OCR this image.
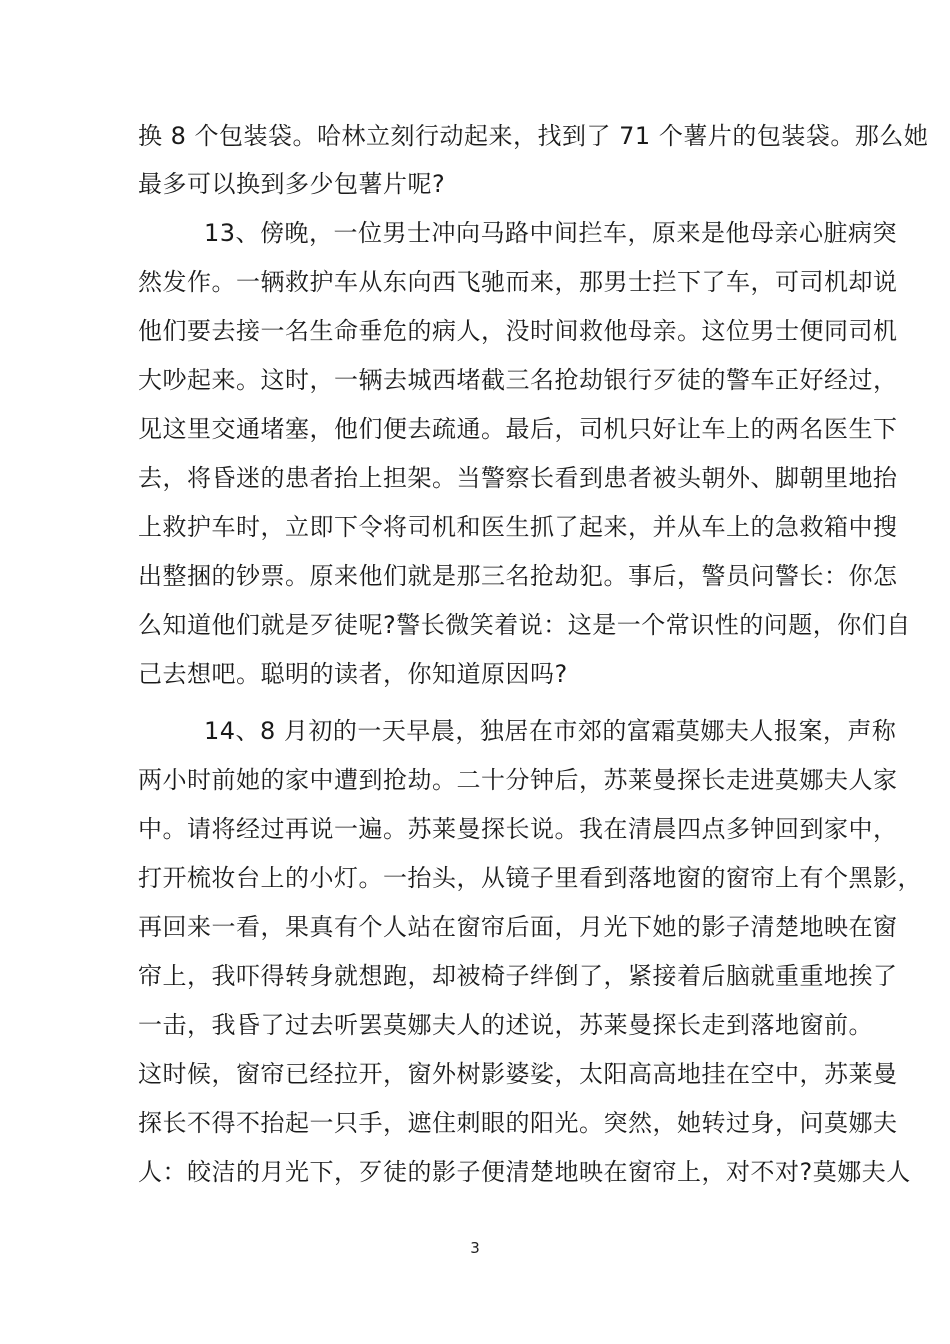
换 8 个包装袋。哈林立刻行动起来，找到了 71 个薯片的包装袋。那么她
最多可以换到多少包薯片呢?
13、傍晚，一位男士冲向马路中间拦车，原来是他母亲心脏病突
然发作。一辆救护车从东向西飞驰而来，那男士拦下了车，可司机却说
他们要去接一名生命垂危的病人，没时间救他母亲。这位男士便同司机
大吵起来。这时，一辆去城西堵截三名抢劫银行歹徒的警车正好经过，
见这里交通堵塞，他们便去疏通。最后，司机只好让车上的两名医生下
去，将昏迷的患者抬上担架。当警察长看到患者被头朝外、脚朝里地抬
上救护车时，立即下令将司机和医生抓了起来，并从车上的急救箱中搜
出整捆的钞票。原来他们就是那三名抢劫犯。事后，警员问警长：你怎
么知道他们就是歹徒呢?警长微笑着说：这是一个常识性的问题，你们自
己去想吧。聪明的读者，你知道原因吗?
14、8 月初的一天早晨，独居在市郊的富霜莫娜夫人报案，声称
两小时前她的家中遭到抢劫。二十分钟后，苏莱曼探长走进莫娜夫人家
中。请将经过再说一遍。苏莱曼探长说。我在清晨四点多钟回到家中，
打开梳妆台上的小灯。一抬头，从镜子里看到落地窗的窗帘上有个黑影，
再回来一看，果真有个人站在窗帘后面，月光下她的影子清楚地映在窗
帘上，我吓得转身就想跑，却被椅子绊倒了，紧接着后脑就重重地挨了
一击，我昏了过去听罢莫娜夫人的述说，苏莱曼探长走到落地窗前。
这时候，窗帘已经拉开，窗外树影婆娑，太阳高高地挂在空中，苏莱曼
探长不得不抬起一只手，遮住刺眼的阳光。突然，她转过身，问莫娜夫
人：皎洁的月光下，歹徒的影子便清楚地映在窗帘上，对不对?莫娜夫人
3
